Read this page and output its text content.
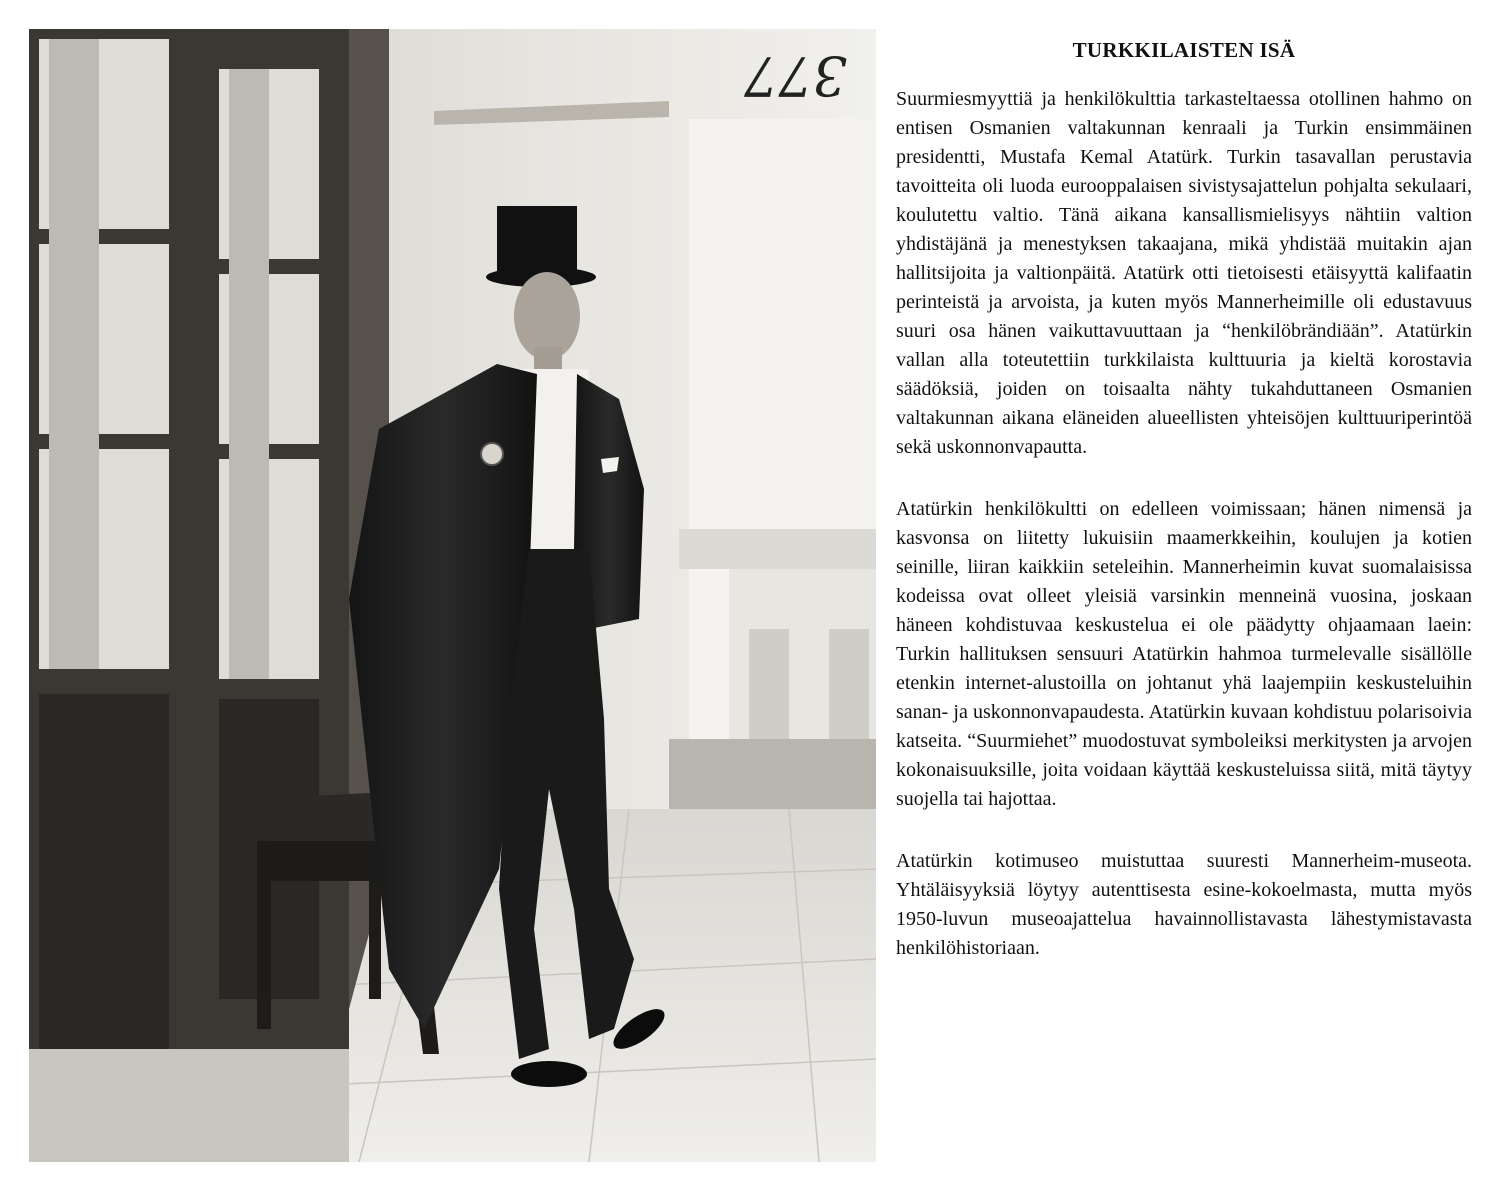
377	TURKKILAISTEN ISÄ

Suurmiesmyyttiä ja henkilökulttia tarkasteltaessa otollinen hahmo on entisen Osmanien valtakunnan kenraali ja Turkin ensimmäinen presidentti, Mustafa Kemal Atatürk. Turkin tasavallan perustavia tavoitteita oli luoda eurooppalaisen sivistysajattelun pohjalta sekulaari, koulutettu valtio. Tänä aikana kansallismielisyys nähtiin valtion yhdistäjänä ja menestyksen takaajana, mikä yhdistää muitakin ajan hallitsijoita ja valtionpäitä. Atatürk otti tietoisesti etäisyyttä kalifaatin perinteistä ja arvoista, ja kuten myös Mannerheimille oli edustavuus suuri osa hänen vaikuttavuuttaan ja “henkilöbrändiään”. Atatürkin vallan alla toteutettiin turkkilaista kulttuuria ja kieltä korostavia säädöksiä, joiden on toisaalta nähty tukahduttaneen Osmanien valtakunnan aikana eläneiden alueellisten yhteisöjen kulttuuriperintöä sekä uskonnonvapautta.

Atatürkin henkilökultti on edelleen voimissaan; hänen nimensä ja kasvonsa on liitetty lukuisiin maamerkkeihin, koulujen ja kotien seinille, liiran kaikkiin seteleihin. Mannerheimin kuvat suomalaisissa kodeissa ovat olleet yleisiä varsinkin menneinä vuosina, joskaan häneen kohdistuvaa keskustelua ei ole päädytty ohjaamaan laein: Turkin hallituksen sensuuri Atatürkin hahmoa turmelevalle sisällölle etenkin internet-alustoilla on johtanut yhä laajempiin keskusteluihin sanan- ja uskonnonvapaudesta. Atatürkin kuvaan kohdistuu polarisoivia katseita. “Suurmiehet” muodostuvat symboleiksi merkitysten ja arvojen kokonaisuuksille, joita voidaan käyttää keskusteluissa siitä, mitä täytyy suojella tai hajottaa.

Atatürkin kotimuseo muistuttaa suuresti Mannerheim-museota. Yhtäläisyyksiä löytyy autenttisesta esine-kokoelmasta, mutta myös 1950-luvun museoajattelua havainnollistavasta lähestymistavasta henkilöhistoriaan.
